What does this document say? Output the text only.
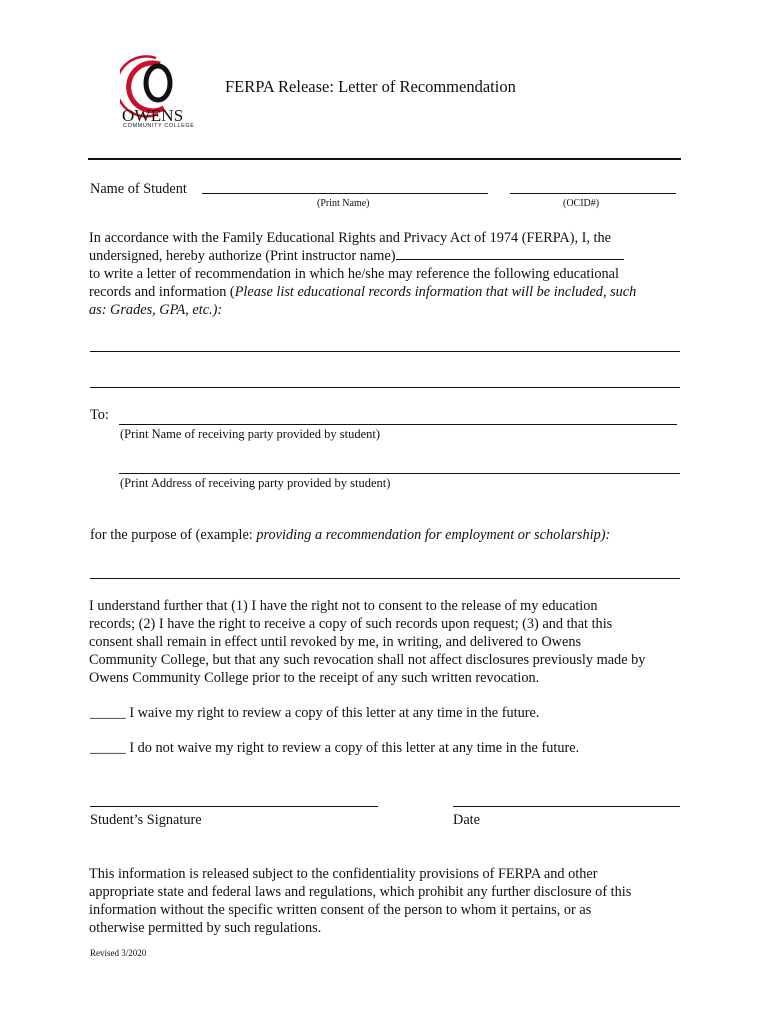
OWENS
COMMUNITY COLLEGE
FERPA Release: Letter of Recommendation
Name of Student
(Print Name)	(OCID#)
In accordance with the Family Educational Rights and Privacy Act of 1974 (FERPA), I, the
undersigned, hereby authorize (Print instructor name)
to write a letter of recommendation in which he/she may reference the following educational
records and information (Please list educational records information that will be included, such
as: Grades, GPA, etc.):
To:
(Print Name of receiving party provided by student)
(Print Address of receiving party provided by student)
for the purpose of (example: providing a recommendation for employment or scholarship):
I understand further that (1) I have the right not to consent to the release of my education
records; (2) I have the right to receive a copy of such records upon request; (3) and that this
consent shall remain in effect until revoked by me, in writing, and delivered to Owens
Community College, but that any such revocation shall not affect disclosures previously made by
Owens Community College prior to the receipt of any such written revocation.
_____ I waive my right to review a copy of this letter at any time in the future.
_____ I do not waive my right to review a copy of this letter at any time in the future.
Student’s Signature	Date
This information is released subject to the confidentiality provisions of FERPA and other
appropriate state and federal laws and regulations, which prohibit any further disclosure of this
information without the specific written consent of the person to whom it pertains, or as
otherwise permitted by such regulations.
Revised 3/2020
